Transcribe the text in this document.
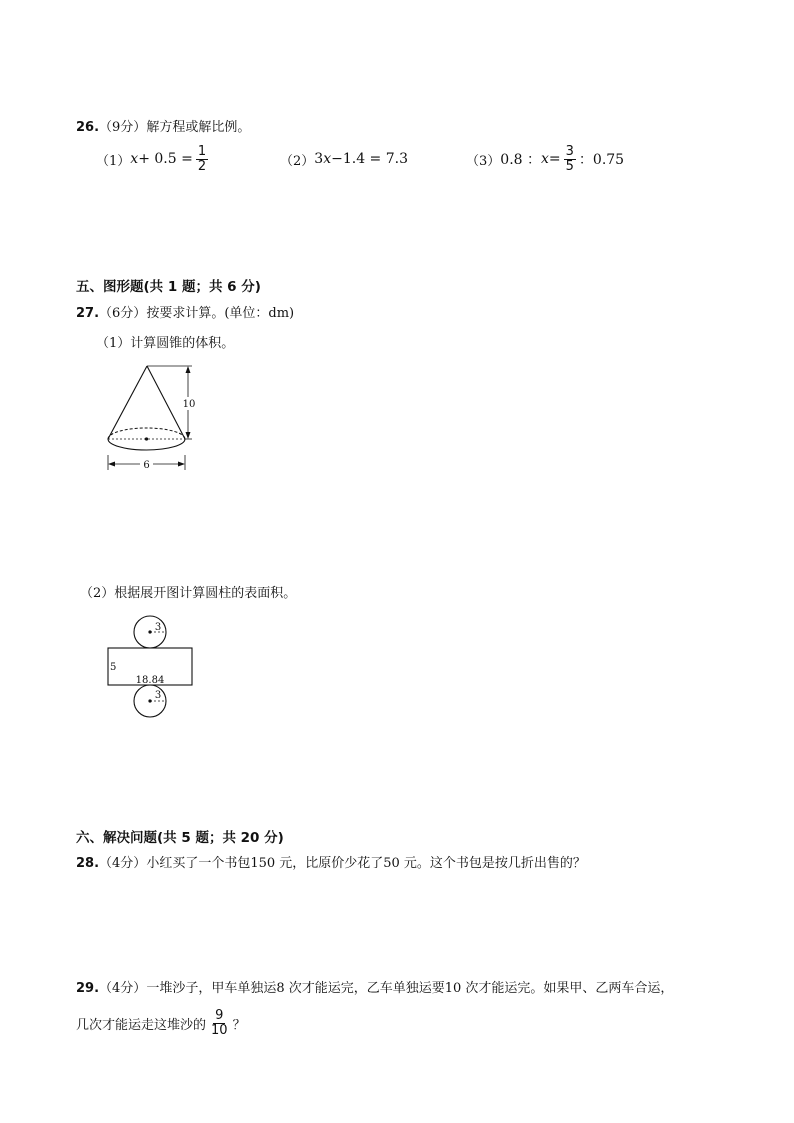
26.（9分）解方程或解比例。
（1） $x + 0.5 = \frac{1}{2}$	（2） 3 x −1.4 = 7.3	（3） 0.8 ： $x = \frac{3}{5}$ ：0.75
五、图形题(共 1 题；共 6 分)
27.（6分）按要求计算。(单位：dm)
（1）计算圆锥的体积。
10
6
（2）根据展开图计算圆柱的表面积。
3
5
18.84
3
六、解决问题(共 5 题；共 20 分)
28.（4分）小红买了一个书包150 元，比原价少花了50 元。这个书包是按几折出售的？
29.（4分）一堆沙子，甲车单独运8 次才能运完，乙车单独运要10 次才能运完。如果甲、乙两车合运，
几次才能运走这堆沙的 $\frac{9}{10}$ ？
